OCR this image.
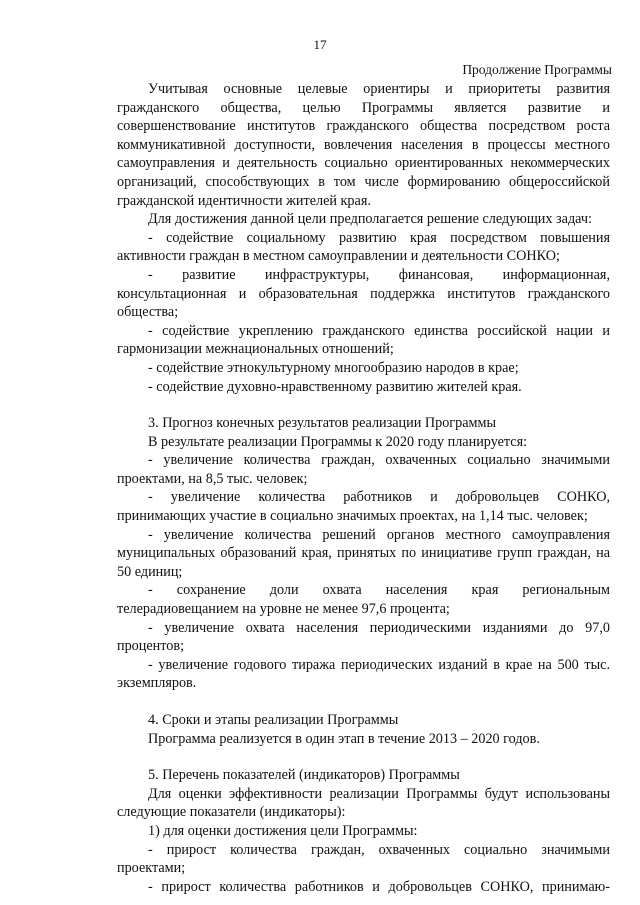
17
Продолжение Программы

Учитывая основные целевые ориентиры и приоритеты развития гражданского общества, целью Программы является развитие и совершенствование институтов гражданского общества посредством роста коммуникативной доступности, вовлечения населения в процессы местного самоуправления и деятельность социально ориентированных некоммерческих организаций, способствующих в том числе формированию общероссийской гражданской идентичности жителей края.

Для достижения данной цели предполагается решение следующих задач:

- содействие социальному развитию края посредством повышения активности граждан в местном самоуправлении и деятельности СОНКО;

- развитие инфраструктуры, финансовая, информационная, консультационная и образовательная поддержка институтов гражданского общества;

- содействие укреплению гражданского единства российской нации и гармонизации межнациональных отношений;

- содействие этнокультурному многообразию народов в крае;

- содействие духовно-нравственному развитию жителей края.

3. Прогноз конечных результатов реализации Программы

В результате реализации Программы к 2020 году планируется:

- увеличение количества граждан, охваченных социально значимыми проектами, на 8,5 тыс. человек;

- увеличение количества работников и добровольцев СОНКО, принимающих участие в социально значимых проектах, на 1,14 тыс. человек;

- увеличение количества решений органов местного самоуправления муниципальных образований края, принятых по инициативе групп граждан, на 50 единиц;

- сохранение доли охвата населения края региональным телерадиовещанием на уровне не менее 97,6 процента;

- увеличение охвата населения периодическими изданиями до 97,0 процентов;

- увеличение годового тиража периодических изданий в крае на 500 тыс. экземпляров.

4. Сроки и этапы реализации Программы

Программа реализуется в один этап в течение 2013 – 2020 годов.

5. Перечень показателей (индикаторов) Программы

Для оценки эффективности реализации Программы будут использованы следующие показатели (индикаторы):

1) для оценки достижения цели Программы:

- прирост количества граждан, охваченных социально значимыми проектами;

- прирост количества работников и добровольцев СОНКО, принимаю-
